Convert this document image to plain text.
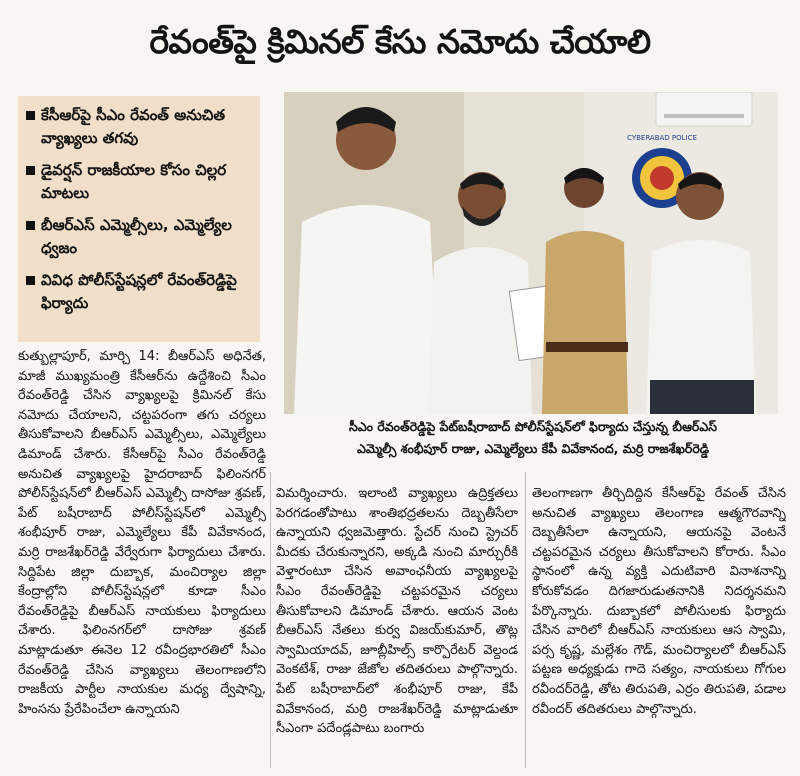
రేవంత్‌పై క్రిమినల్ కేసు నమోదు చేయాలి
కేసీఆర్‌పై సీఎం రేవంత్ అనుచిత వ్యాఖ్యలు తగవు
డైవర్షన్ రాజకీయాల కోసం చిల్లర మాటలు
బీఆర్ఎస్ ఎమ్మెల్సీలు, ఎమ్మెల్యేల ధ్వజం
వివిధ పోలీస్‌స్టేషన్లలో రేవంత్‌రెడ్డిపై ఫిర్యాదు
CYBERABAD POLICE
సీఎం రేవంత్‌రెడ్డిపై పేట్‌బషీరాబాద్ పోలీస్‌స్టేషన్‌లో ఫిర్యాదు చేస్తున్న బీఆర్ఎస్
ఎమ్మెల్సీ శంభీపూర్ రాజు, ఎమ్మెల్యేలు కేపీ వివేకానంద, మర్రి రాజశేఖర్‌రెడ్డి
కుత్బుల్లాపూర్, మార్చి 14: బీఆర్ఎస్ అధినేత, మాజీ ముఖ్యమంత్రి కేసీఆర్‌ను ఉద్దేశించి సీఎం రేవంత్‌రెడ్డి చేసిన వ్యాఖ్యలపై క్రిమినల్ కేసు నమోదు చేయాలని, చట్టపరంగా తగు చర్యలు తీసుకోవాలని బీఆర్ఎస్ ఎమ్మెల్సీలు, ఎమ్మెల్యేలు డిమాండ్ చేశారు. కేసీఆర్‌పై సీఎం రేవంత్‌రెడ్డి అనుచిత వ్యాఖ్యలపై హైదరాబాద్ ఫిలింనగర్ పోలీస్‌స్టేషన్‌లో బీఆర్ఎస్ ఎమ్మెల్సీ దాసోజు శ్రవణ్, పేట్ బషీరాబాద్ పోలీస్‌స్టేషన్‌లో ఎమ్మెల్సీ శంభీపూర్ రాజు, ఎమ్మెల్యేలు కేపీ వివేకానంద, మర్రి రాజశేఖర్‌రెడ్డి వేర్వేరుగా ఫిర్యాదులు చేశారు. సిద్దిపేట జిల్లా దుబ్బాక, మంచిర్యాల జిల్లా కేంద్రాల్లోని పోలీస్‌స్టేషన్లలో కూడా సీఎం రేవంత్‌రెడ్డిపై బీఆర్ఎస్ నాయకులు ఫిర్యాదులు చేశారు. ఫిలింనగర్‌లో దాసోజు శ్రవణ్ మాట్లాడుతూ ఈనెల 12 రవీంద్రభారతిలో సీఎం రేవంత్‌రెడ్డి చేసిన వ్యాఖ్యలు తెలంగాణలోని రాజకీయ పార్టీల నాయకుల మధ్య ద్వేషాన్ని, హింసను ప్రేరేపించేలా ఉన్నాయని
విమర్శించారు. ఇలాంటి వ్యాఖ్యలు ఉద్రిక్తతలు పెరగడంతోపాటు శాంతిభద్రతలను దెబ్బతీసేలా ఉన్నాయని ధ్వజమెత్తారు. స్టేచర్ నుంచి స్ట్రెచర్ మీదకు చేరుకున్నారని, అక్కడి నుంచి మార్చురీకి వెళ్తారంటూ చేసిన అవాంఛనీయ వ్యాఖ్యలపై సీఎం రేవంత్‌రెడ్డిపై చట్టపరమైన చర్యలు తీసుకోవాలని డిమాండ్ చేశారు. ఆయన వెంట బీఆర్ఎస్ నేతలు కుర్వ విజయ్‌కుమార్, తొట్ల స్వామియాదవ్, జూబ్లీహిల్స్ కార్పొరేటర్ వెల్దండ వెంకటేశ్, రాజు జేజోల తదితరులు పాల్గొన్నారు. పేట్ బషీరాబాద్‌లో శంభీపూర్ రాజు, కేపీ వివేకానంద, మర్రి రాజశేఖర్‌రెడ్డి మాట్లాడుతూ సీఎంగా పదేండ్లపాటు బంగారు
తెలంగాణగా తీర్చిదిద్దిన కేసీఆర్‌పై రేవంత్ చేసిన అనుచిత వ్యాఖ్యలు తెలంగాణ ఆత్మగౌరవాన్ని దెబ్బతీసేలా ఉన్నాయని, ఆయనపై వెంటనే చట్టపరమైన చర్యలు తీసుకోవాలని కోరారు. సీఎం స్థానంలో ఉన్న వ్యక్తి ఎదుటివారి వినాశనాన్ని కోరుకోవడం దిగజారుడుతనానికి నిదర్శనమని పేర్కొన్నారు. దుబ్బాకలో పోలీసులకు ఫిర్యాదు చేసిన వారిలో బీఆర్ఎస్ నాయకులు ఆస స్వామి, పర్స కృష్ణ, మల్లేశం గౌడ్, మంచిర్యాలలో బీఆర్ఎస్ పట్టణ అధ్యక్షుడు గాదె సత్యం, నాయకులు గోగుల రవీందర్‌రెడ్డి, తోట తిరుపతి, ఎర్రం తిరుపతి, పడాల రవీందర్ తదితరులు పాల్గొన్నారు.
